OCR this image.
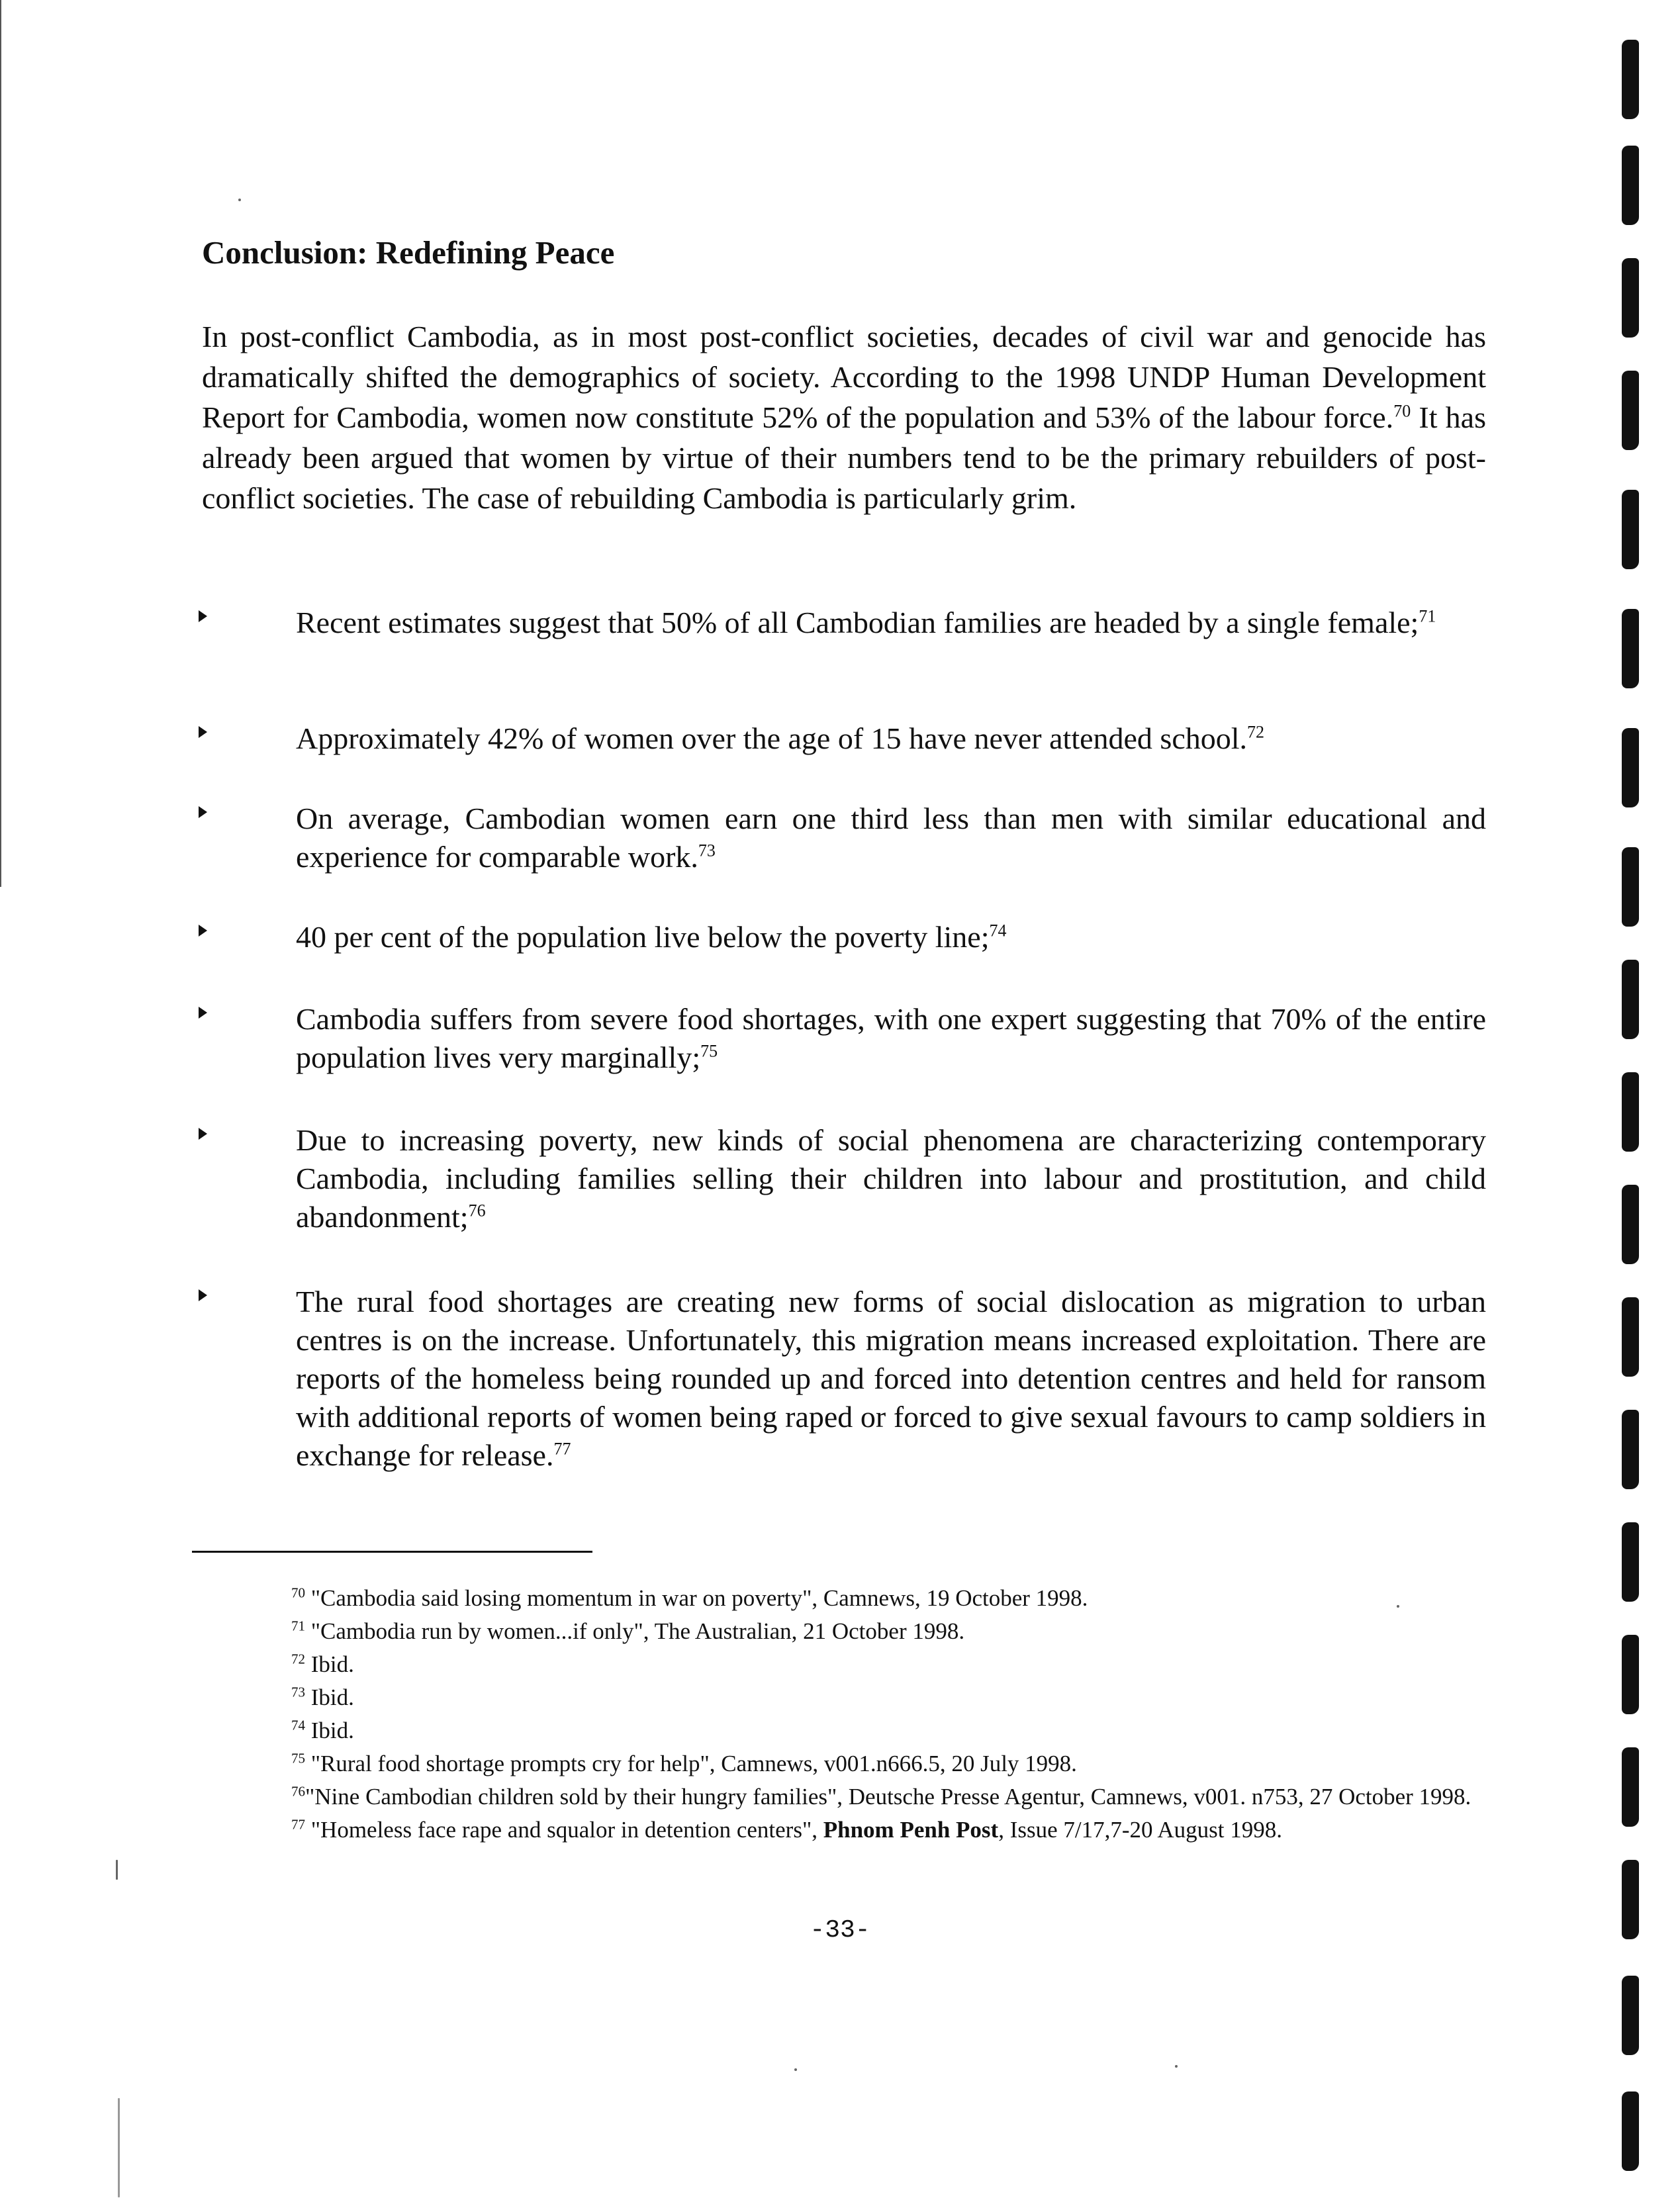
Conclusion: Redefining Peace

In post-conflict Cambodia, as in most post-conflict societies, decades of civil war and genocide has dramatically shifted the demographics of society. According to the 1998 UNDP Human Development Report for Cambodia, women now constitute 52% of the population and 53% of the labour force.$^{70}$ It has already been argued that women by virtue of their numbers tend to be the primary rebuilders of post-conflict societies. The case of rebuilding Cambodia is particularly grim.

Recent estimates suggest that 50% of all Cambodian families are headed by a single female;$^{71}$
Approximately 42% of women over the age of 15 have never attended school.$^{72}$
On average, Cambodian women earn one third less than men with similar educational and experience for comparable work.$^{73}$
40 per cent of the population live below the poverty line;$^{74}$
Cambodia suffers from severe food shortages, with one expert suggesting that 70% of the entire population lives very marginally;$^{75}$
Due to increasing poverty, new kinds of social phenomena are characterizing contemporary Cambodia, including families selling their children into labour and prostitution, and child abandonment;$^{76}$
The rural food shortages are creating new forms of social dislocation as migration to urban centres is on the increase. Unfortunately, this migration means increased exploitation. There are reports of the homeless being rounded up and forced into detention centres and held for ransom with additional reports of women being raped or forced to give sexual favours to camp soldiers in exchange for release.$^{77}$

$^{70}$ "Cambodia said losing momentum in war on poverty", Camnews, 19 October 1998.

$^{71}$ "Cambodia run by women...if only", The Australian, 21 October 1998.

$^{72}$ Ibid.

$^{73}$ Ibid.

$^{74}$ Ibid.

$^{75}$ "Rural food shortage prompts cry for help", Camnews, v001.n666.5, 20 July 1998.

$^{76}$"Nine Cambodian children sold by their hungry families", Deutsche Presse Agentur, Camnews, v001. n753, 27 October 1998.

$^{77}$ "Homeless face rape and squalor in detention centers", Phnom Penh Post, Issue 7/17,7-20 August 1998.

-33-
